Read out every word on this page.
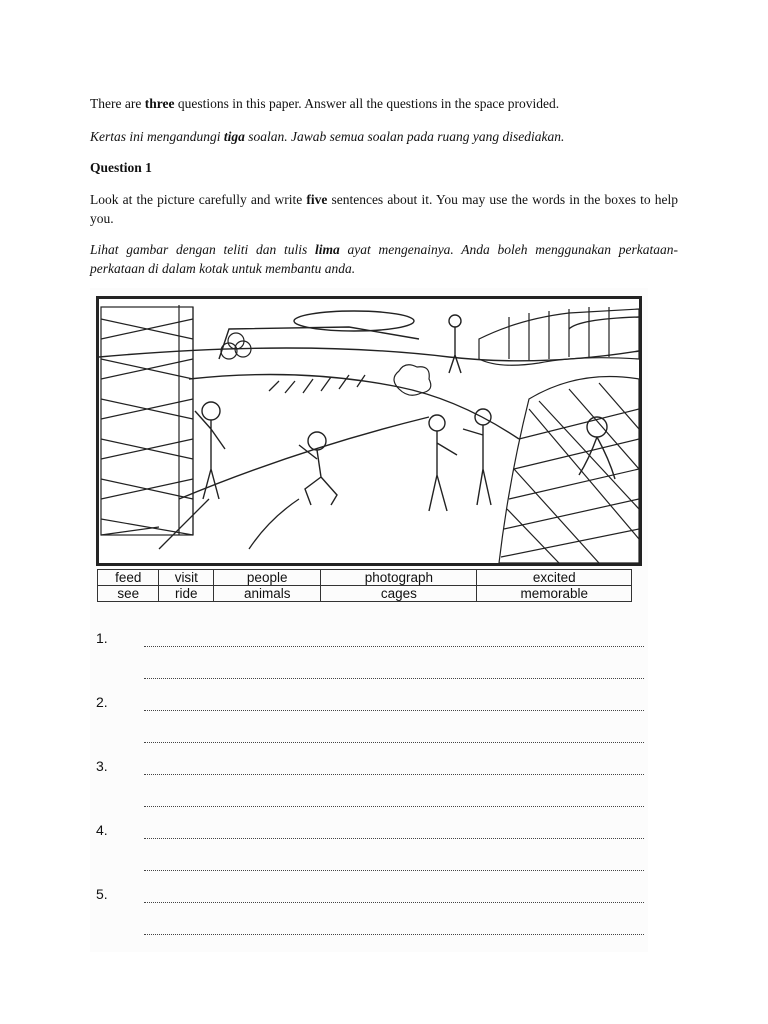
There are three questions in this paper. Answer all the questions in the space provided.

Kertas ini mengandungi tiga soalan. Jawab semua soalan pada ruang yang disediakan.

Question 1

Look at the picture carefully and write five sentences about it. You may use the words in the boxes to help you.

Lihat gambar dengan teliti dan tulis lima ayat mengenainya. Anda boleh menggunakan perkataan-perkataan di dalam kotak untuk membantu anda.

feed	visit	people	photograph	excited
see	ride	animals	cages	memorable
1.
2.
3.
4.
5.
